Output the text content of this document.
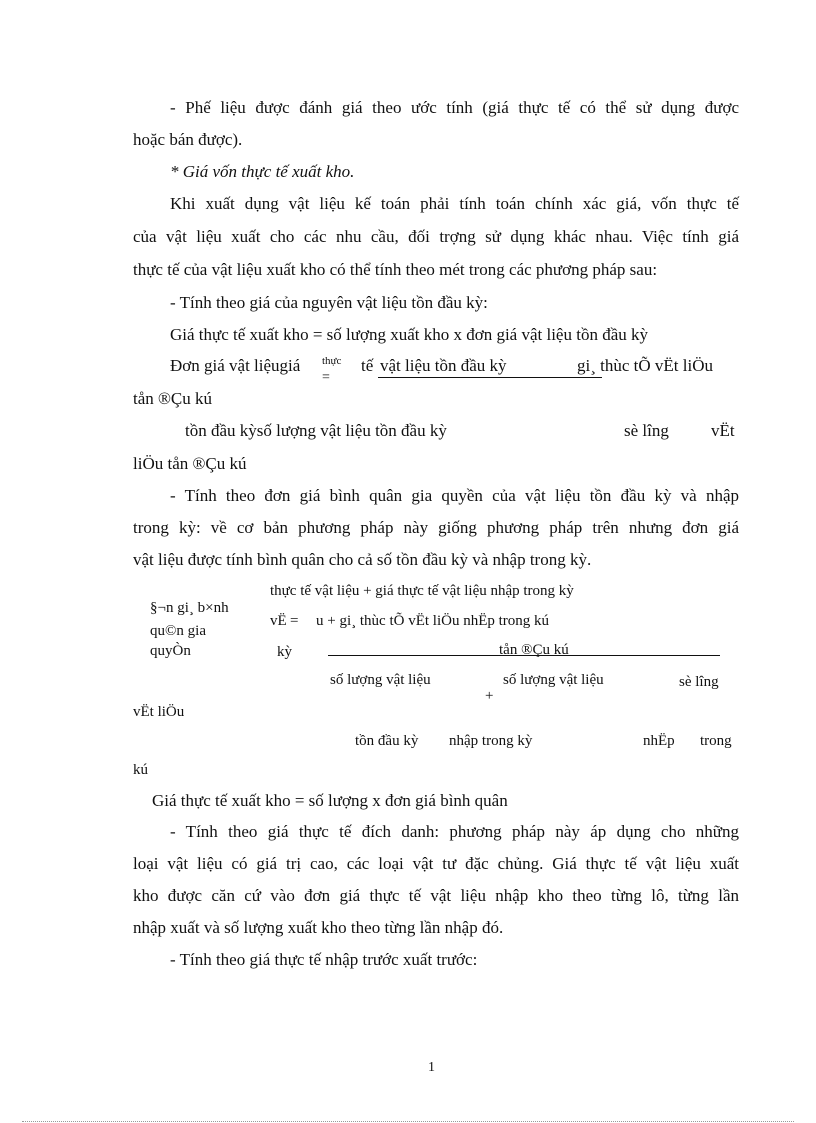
- Phế liệu được đánh giá theo ước tính (giá thực tế có thể sử dụng được
hoặc bán được).
* Giá vốn thực tế xuất kho.
Khi xuất dụng vật liệu kế toán phải tính toán chính xác giá, vốn thực tế
của vật liệu xuất cho các nhu cầu, đối trợng sử dụng khác nhau. Việc tính giá
thực tế của vật liệu xuất kho có thể tính theo mét trong các phương pháp sau:
- Tính theo giá của nguyên vật liệu tồn đầu kỳ:
Giá thực tế xuất kho = số lượng xuất kho x đơn giá vật liệu tồn đầu kỳ
Đơn giá vật liệugiá thực
=
tế vật liệu tồn đầu kỳ	gi¸ thùc tÕ vËt liÖu
tån ®Çu kú
tồn đầu kỳsố lượng vật liệu tồn đầu kỳ	sè lîng vËt
liÖu tån ®Çu kú
- Tính theo đơn giá bình quân gia quyền của vật liệu tồn đầu kỳ và nhập
trong kỳ: về cơ bản phương pháp này giống phương pháp trên nhưng đơn giá
vật liệu được tính bình quân cho cả số tồn đầu kỳ và nhập trong kỳ.
§¬n gi¸ b×nh
qu©n gia
quyÒn
thực tế vật liệu + giá thực tế vật liệu nhập trong kỳ
vË = u + gi¸ thùc tÕ vËt liÖu nhËp trong kú
kỳ	tån ®Çu kú
số lượng vật liệu	số lượng vật liệu	sè lîng
+
vËt liÖu
tồn đầu kỳ nhập trong kỳ	nhËp trong
kú
Giá thực tế xuất kho = số lượng x đơn giá bình quân
- Tính theo giá thực tế đích danh: phương pháp này áp dụng cho những
loại vật liệu có giá trị cao, các loại vật tư đặc chủng. Giá thực tế vật liệu xuất
kho được căn cứ vào đơn giá thực tế vật liệu nhập kho theo từng lô, từng lần
nhập xuất và số lượng xuất kho theo từng lần nhập đó.
- Tính theo giá thực tế nhập trước xuất trước:
1
